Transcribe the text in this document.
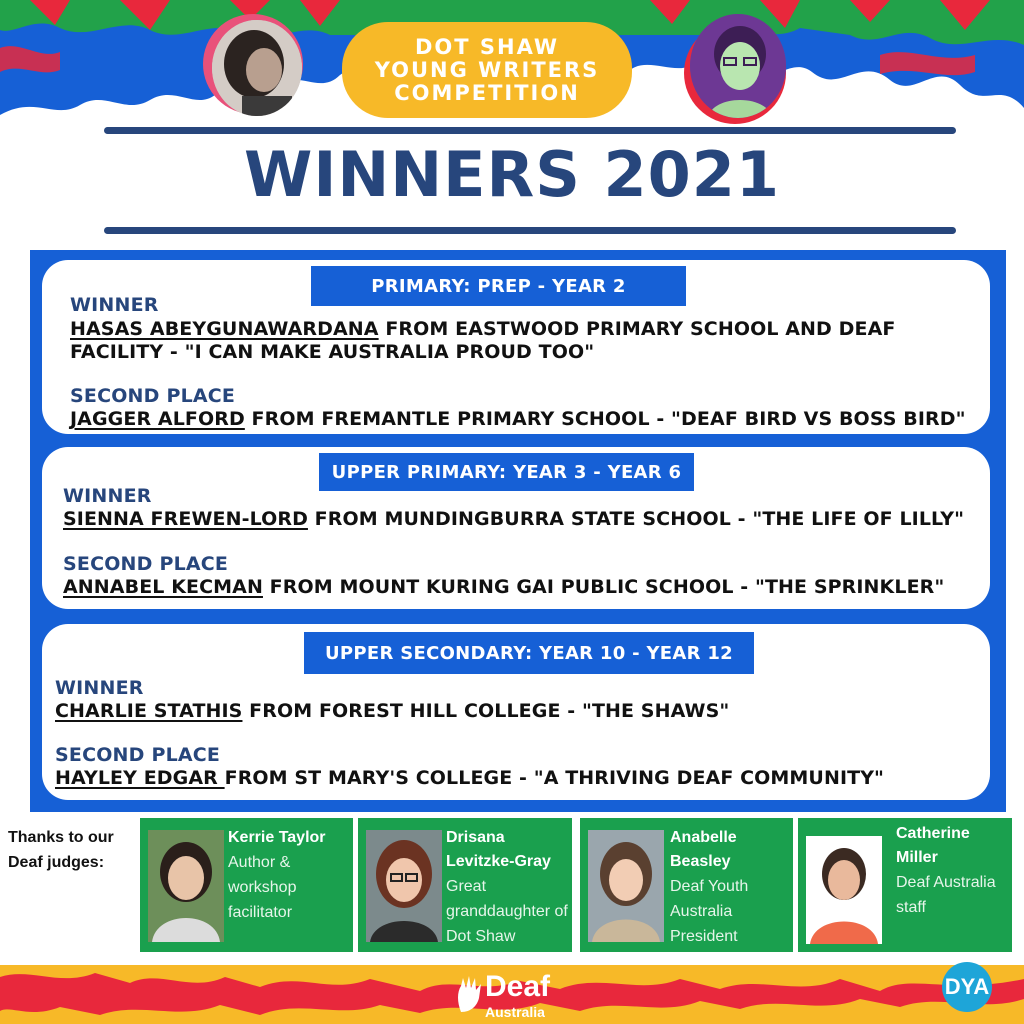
DOT SHAW
YOUNG WRITERS
COMPETITION
WINNERS 2021
PRIMARY: PREP - YEAR 2
WINNER
HASAS ABEYGUNAWARDANA FROM EASTWOOD PRIMARY SCHOOL AND DEAF FACILITY - "I CAN MAKE AUSTRALIA PROUD TOO"
SECOND PLACE
JAGGER ALFORD FROM FREMANTLE PRIMARY SCHOOL - "DEAF BIRD VS BOSS BIRD"
UPPER PRIMARY: YEAR 3 - YEAR 6
WINNER
SIENNA FREWEN-LORD FROM MUNDINGBURRA STATE SCHOOL - "THE LIFE OF LILLY"
SECOND PLACE
ANNABEL KECMAN FROM MOUNT KURING GAI PUBLIC SCHOOL - "THE SPRINKLER"
UPPER SECONDARY: YEAR 10 - YEAR 12
WINNER
CHARLIE STATHIS FROM FOREST HILL COLLEGE - "THE SHAWS"
SECOND PLACE
HAYLEY EDGAR FROM ST MARY'S COLLEGE - "A THRIVING DEAF COMMUNITY"
Thanks to our Deaf judges:
Kerrie Taylor
Author & workshop facilitator
Drisana Levitzke-Gray
Great granddaughter of Dot Shaw
Anabelle Beasley
Deaf Youth Australia President
Catherine Miller
Deaf Australia staff
Deaf
Australia
DYA
